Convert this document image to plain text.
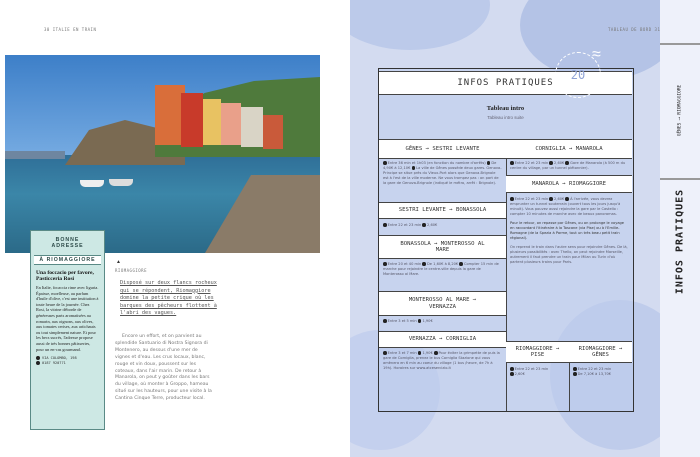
30 ITALIE EN TRAIN
BONNE ADRESSE
À RIOMAGGIORE
Una foccacio per favore, Pasticceria Rosi
En Italie, focaccia rime avec liguria. Épaisse, moelleuse, au parfum d'huile d'olive, c'est une institution à toute heure de la journée. Chez Rosi, la vitrine déborde de généreuses parts aromatisées au romarin, aux oignons, aux olives, aux tomates cerises, aux artichauts ou tout simplement nature. Et pour les becs sucrés, l'adresse propose aussi de très bonnes pâtisseries, pour un en-cas gourmand.
VIA COLOMBO, 198
0187 920771
▲
RIOMAGGIORE
Disposé sur deux flancs rocheux qui se répondent, Riomaggiore domine la petite crique où les barques des pêcheurs flottent à l'abri des vagues.
Encore un effort, et on parvient au splendide Santuario di Nostra Signora di Montenero, au dessus d'une mer de vignes et d'eau. Les crus locaux, blanc, rouge et vin doux, poussent sur les coteaux, dans l'air marin. De retour à Manarola, on peut y goûter dans les bars du village, où monter à Groppo, hameau situé sur les hauteurs, pour une visite à la Cantina Cinque Terre, producteur local.
TABLEAU DE BORD 31
INFOS PRATIQUES
Tableau intro
Tableau intro suite
GÊNES → SESTRI LEVANTE
Entre 36 min et 1h03 (en fonction du nombre d'arrêts) De 4,90€ à 12,10€ La ville de Gênes possède deux gares. Genova-Principe se situe près du Vieux-Port alors que Genova-Brignole est à l'est de la ville moderne. Ne vous trompez pas : on part de la gare de Genova-Brignole (indiqué le métro, arrêt : Brignole).
SESTRI LEVANTE → BONASSOLA
Entre 22 et 23 min 2,60€
BONASSOLA → MONTEROSSO AL MARE
Entre 20 et 40 min De 1,60€ à 8,20€ Compter 15 min de marche pour rejoindre le centre-ville depuis la gare de Monterosso al Mare.
MONTEROSSO AL MARE → VERNAZZA
Entre 3 et 5 min 1,90€
VERNAZZA → CORNIGLIA
Entre 3 et 7 min 1,90€ Pour éviter la grimpette de puis la gare de Corniglia, prenez le bus Corniglia Stazione qui vous amènera en 6 min au coeur du village (1 bus /heure, de 7h à 19h). Horaires sur www.atcesercizio.it
CORNIGLIA → MANAROLA
Entre 22 et 23 min 2,60€ Gare de Manarola (à 500 m du centre du village, par un tunnel piétonnier).
MANAROLA → RIOMAGGIORE
Entre 22 et 23 min 2,60€ À l'arrivée, vous devrez emprunter un tunnel souterrain (ouvert tous les jours jusqu'à minuit). Vous pouvez aussi rejoindre la gare par le Castello : compter 10 minutes de marche avec de beaux panoramas.

Pour le retour, on repasse par Gênes, ou on prolonge le voyage en raccordant l'itinéraire à la Toscane (via Pise) ou à l'Emilie-Romagne (de la Spezia à Parme, tout un très beau petit train régional).

On reprend le train dans l'autre sens pour rejoindre Gênes. De là, plusieurs possibilités : avec Thello, on peut rejoindre Marseille, autrement il faut prendre un train pour Milan ou Turin d'où partent plusieurs trains pour Paris.

RIOMAGGIORE → PISE
Entre 22 et 23 min
2,60€
RIOMAGGIORE → GÊNES
Entre 22 et 23 min
De 7,10€ à 13,70€
20
≈
GÊNES ⟶ RIOMAGGIORE
INFOS PRATIQUES
